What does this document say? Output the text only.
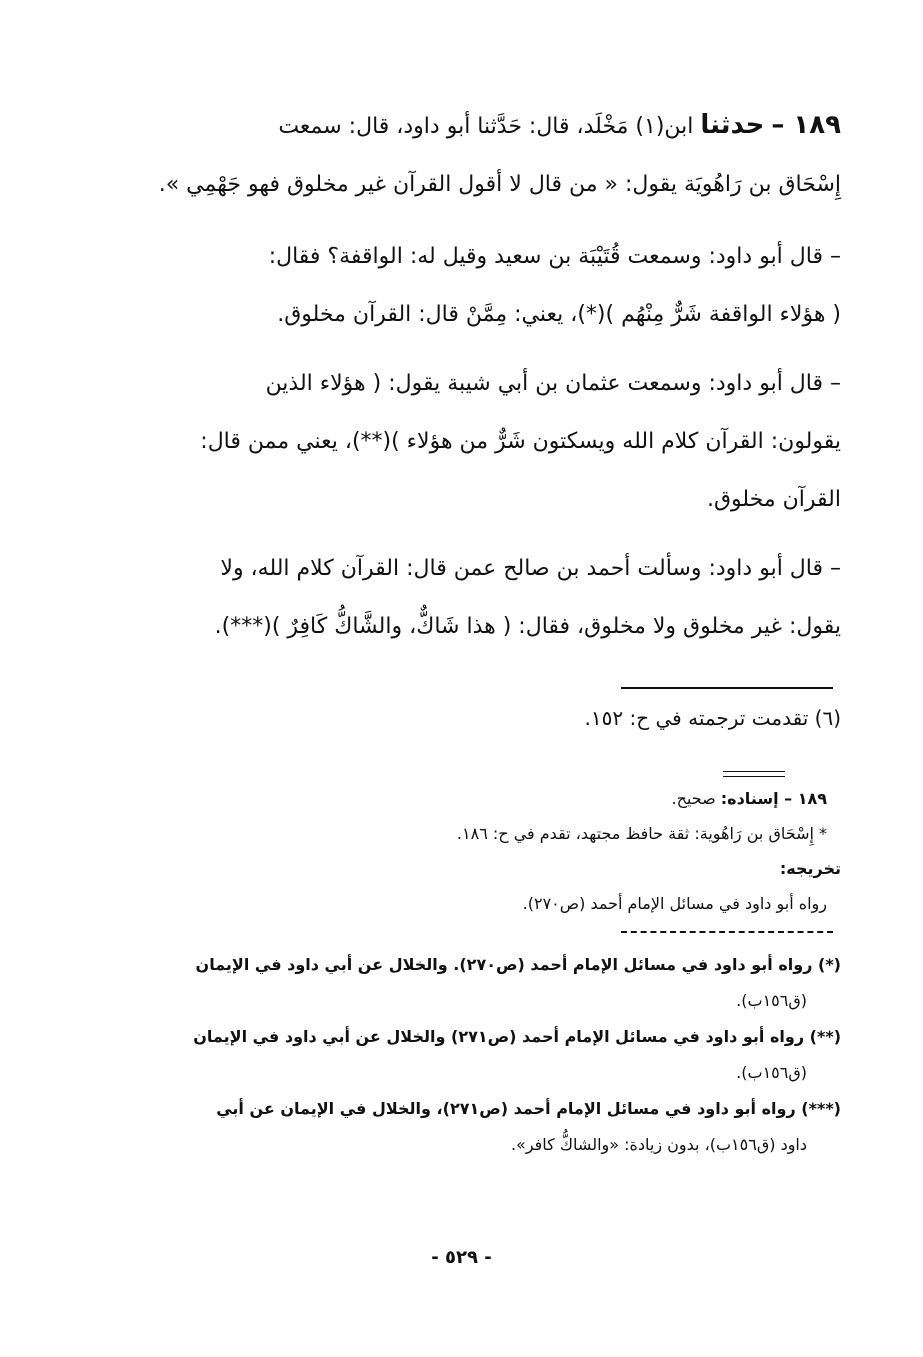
١٨٩ – حدثنا ابن(١) مَخْلَد، قال: حَدَّثنا أبو داود، قال: سمعت
إِسْحَاق بن رَاهُويَة يقول: « من قال لا أقول القرآن غير مخلوق فهو جَهْمِي ».
– قال أبو داود: وسمعت قُتَيْبَة بن سعيد وقيل له: الواقفة؟ فقال:
( هؤلاء الواقفة شَرٌّ مِنْهُم )(*)، يعني: مِمَّنْ قال: القرآن مخلوق.
– قال أبو داود: وسمعت عثمان بن أبي شيبة يقول: ( هؤلاء الذين
يقولون: القرآن كلام الله ويسكتون شَرٌّ من هؤلاء )(**)، يعني ممن قال:
القرآن مخلوق.
– قال أبو داود: وسألت أحمد بن صالح عمن قال: القرآن كلام الله، ولا
يقول: غير مخلوق ولا مخلوق، فقال: ( هذا شَاكٌّ، والشَّاكُّ كَافِرٌ )(***).
(٦) تقدمت ترجمته في ح: ١٥٢.
١٨٩ – إسناده: صحيح.
* إِسْحَاق بن رَاهُوية: ثقة حافظ مجتهد، تقدم في ح: ١٨٦.
تخريجه:
رواه أبو داود في مسائل الإمام أحمد (ص٢٧٠).
(*) رواه أبو داود في مسائل الإمام أحمد (ص٢٧٠). والخلال عن أبي داود في الإيمان
(ق١٥٦ب).
(**) رواه أبو داود في مسائل الإمام أحمد (ص٢٧١) والخلال عن أبي داود في الإيمان
(ق١٥٦ب).
(***) رواه أبو داود في مسائل الإمام أحمد (ص٢٧١)، والخلال في الإيمان عن أبي
داود (ق١٥٦ب)، بدون زيادة: «والشاكُّ كافر».
- ٥٢٩ -
